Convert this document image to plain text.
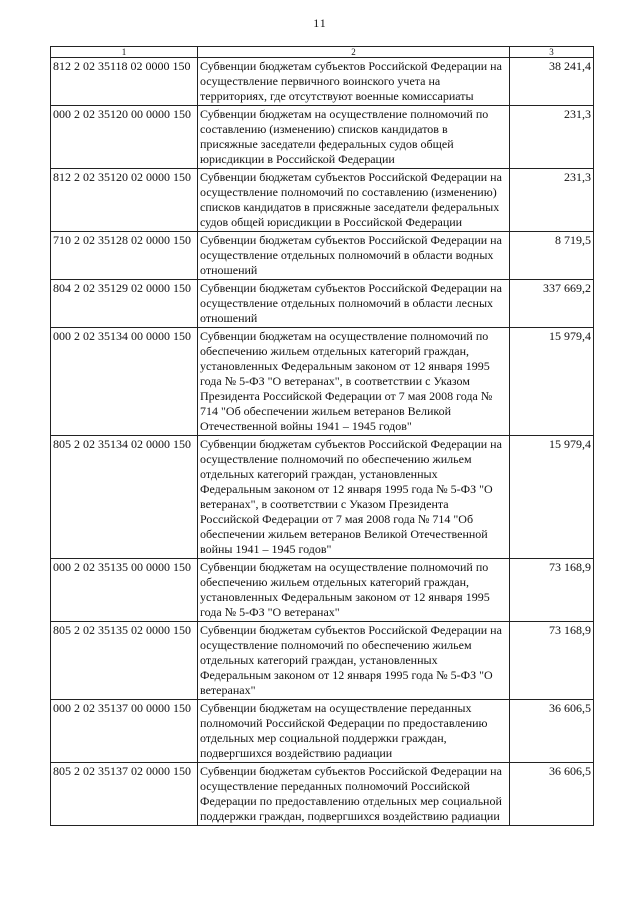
11
1	2	3
812 2 02 35118 02 0000 150	Субвенции бюджетам субъектов Российской Федерации на осуществление первичного воинского учета на территориях, где отсутствуют военные комиссариаты	38 241,4
000 2 02 35120 00 0000 150	Субвенции бюджетам на осуществление полномочий по составлению (изменению) списков кандидатов в присяжные заседатели федеральных судов общей юрисдикции в Российской Федерации	231,3
812 2 02 35120 02 0000 150	Субвенции бюджетам субъектов Российской Федерации на осуществление полномочий по составлению (изменению) списков кандидатов в присяжные заседатели федеральных судов общей юрисдикции в Российской Федерации	231,3
710 2 02 35128 02 0000 150	Субвенции бюджетам субъектов Российской Федерации на осуществление отдельных полномочий в области водных отношений	8 719,5
804 2 02 35129 02 0000 150	Субвенции бюджетам субъектов Российской Федерации на осуществление отдельных полномочий в области лесных отношений	337 669,2
000 2 02 35134 00 0000 150	Субвенции бюджетам на осуществление полномочий по обеспечению жильем отдельных категорий граждан, установленных Федеральным законом от 12 января 1995 года № 5-ФЗ "О ветеранах", в соответствии с Указом Президента Российской Федерации от 7 мая 2008 года № 714 "Об обеспечении жильем ветеранов Великой Отечественной войны 1941 – 1945 годов"	15 979,4
805 2 02 35134 02 0000 150	Субвенции бюджетам субъектов Российской Федерации на осуществление полномочий по обеспечению жильем отдельных категорий граждан, установленных Федеральным законом от 12 января 1995 года № 5-ФЗ "О ветеранах", в соответствии с Указом Президента Российской Федерации от 7 мая 2008 года № 714 "Об обеспечении жильем ветеранов Великой Отечественной войны 1941 – 1945 годов"	15 979,4
000 2 02 35135 00 0000 150	Субвенции бюджетам на осуществление полномочий по обеспечению жильем отдельных категорий граждан, установленных Федеральным законом от 12 января 1995 года № 5-ФЗ "О ветеранах"	73 168,9
805 2 02 35135 02 0000 150	Субвенции бюджетам субъектов Российской Федерации на осуществление полномочий по обеспечению жильем отдельных категорий граждан, установленных Федеральным законом от 12 января 1995 года № 5-ФЗ "О ветеранах"	73 168,9
000 2 02 35137 00 0000 150	Субвенции бюджетам на осуществление переданных полномочий Российской Федерации по предоставлению отдельных мер социальной поддержки граждан, подвергшихся воздействию радиации	36 606,5
805 2 02 35137 02 0000 150	Субвенции бюджетам субъектов Российской Федерации на осуществление переданных полномочий Российской Федерации по предоставлению отдельных мер социальной поддержки граждан, подвергшихся воздействию радиации	36 606,5
